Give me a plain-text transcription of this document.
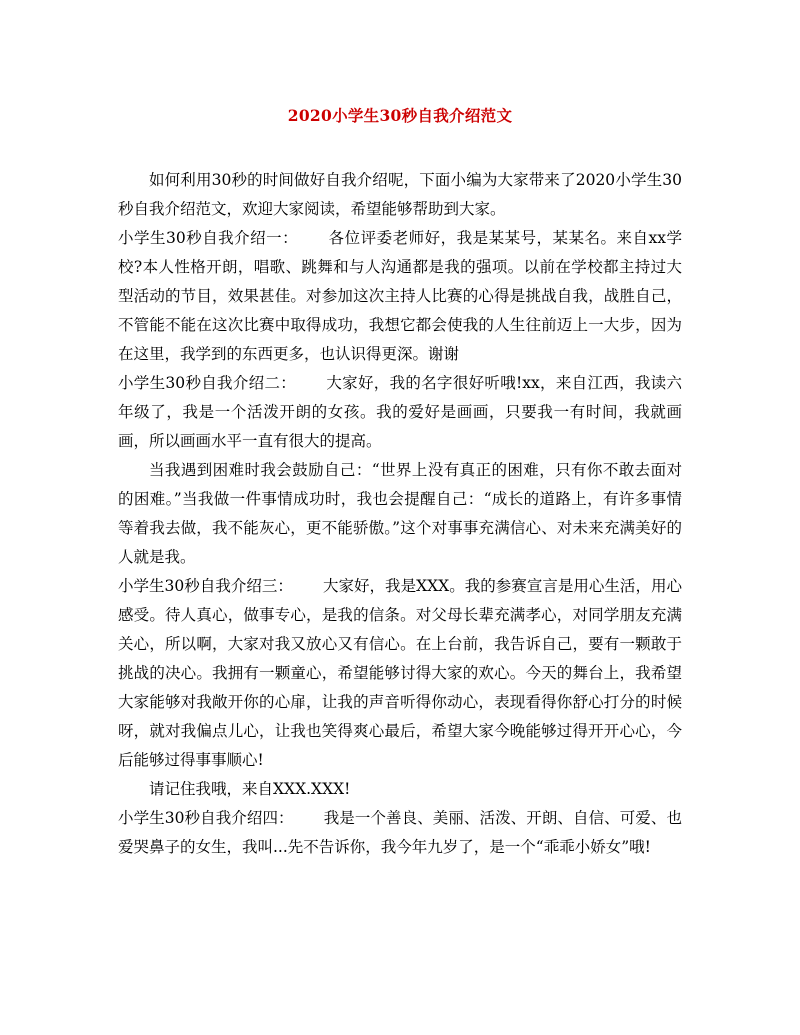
2020小学生30秒自我介绍范文

如何利用30秒的时间做好自我介绍呢，下面小编为大家带来了2020小学生30秒自我介绍范文，欢迎大家阅读，希望能够帮助到大家。

小学生30秒自我介绍一： 各位评委老师好，我是某某号，某某名。来自xx学校?本人性格开朗，唱歌、跳舞和与人沟通都是我的强项。以前在学校都主持过大型活动的节目，效果甚佳。对参加这次主持人比赛的心得是挑战自我，战胜自己，不管能不能在这次比赛中取得成功，我想它都会使我的人生往前迈上一大步，因为在这里，我学到的东西更多，也认识得更深。谢谢

小学生30秒自我介绍二： 大家好，我的名字很好听哦!xx，来自江西，我读六年级了，我是一个活泼开朗的女孩。我的爱好是画画，只要我一有时间，我就画画，所以画画水平一直有很大的提高。

当我遇到困难时我会鼓励自己：“世界上没有真正的困难，只有你不敢去面对的困难。”当我做一件事情成功时，我也会提醒自己：“成长的道路上，有许多事情等着我去做，我不能灰心，更不能骄傲。”这个对事事充满信心、对未来充满美好的人就是我。

小学生30秒自我介绍三： 大家好，我是XXX。我的参赛宣言是用心生活，用心感受。待人真心，做事专心，是我的信条。对父母长辈充满孝心，对同学朋友充满关心，所以啊，大家对我又放心又有信心。在上台前，我告诉自己，要有一颗敢于挑战的决心。我拥有一颗童心，希望能够讨得大家的欢心。今天的舞台上，我希望大家能够对我敞开你的心扉，让我的声音听得你动心，表现看得你舒心打分的时候呀，就对我偏点儿心，让我也笑得爽心最后，希望大家今晚能够过得开开心心，今后能够过得事事顺心!

请记住我哦，来自XXX.XXX!

小学生30秒自我介绍四： 我是一个善良、美丽、活泼、开朗、自信、可爱、也爱哭鼻子的女生，我叫...先不告诉你，我今年九岁了，是一个“乖乖小娇女”哦!
